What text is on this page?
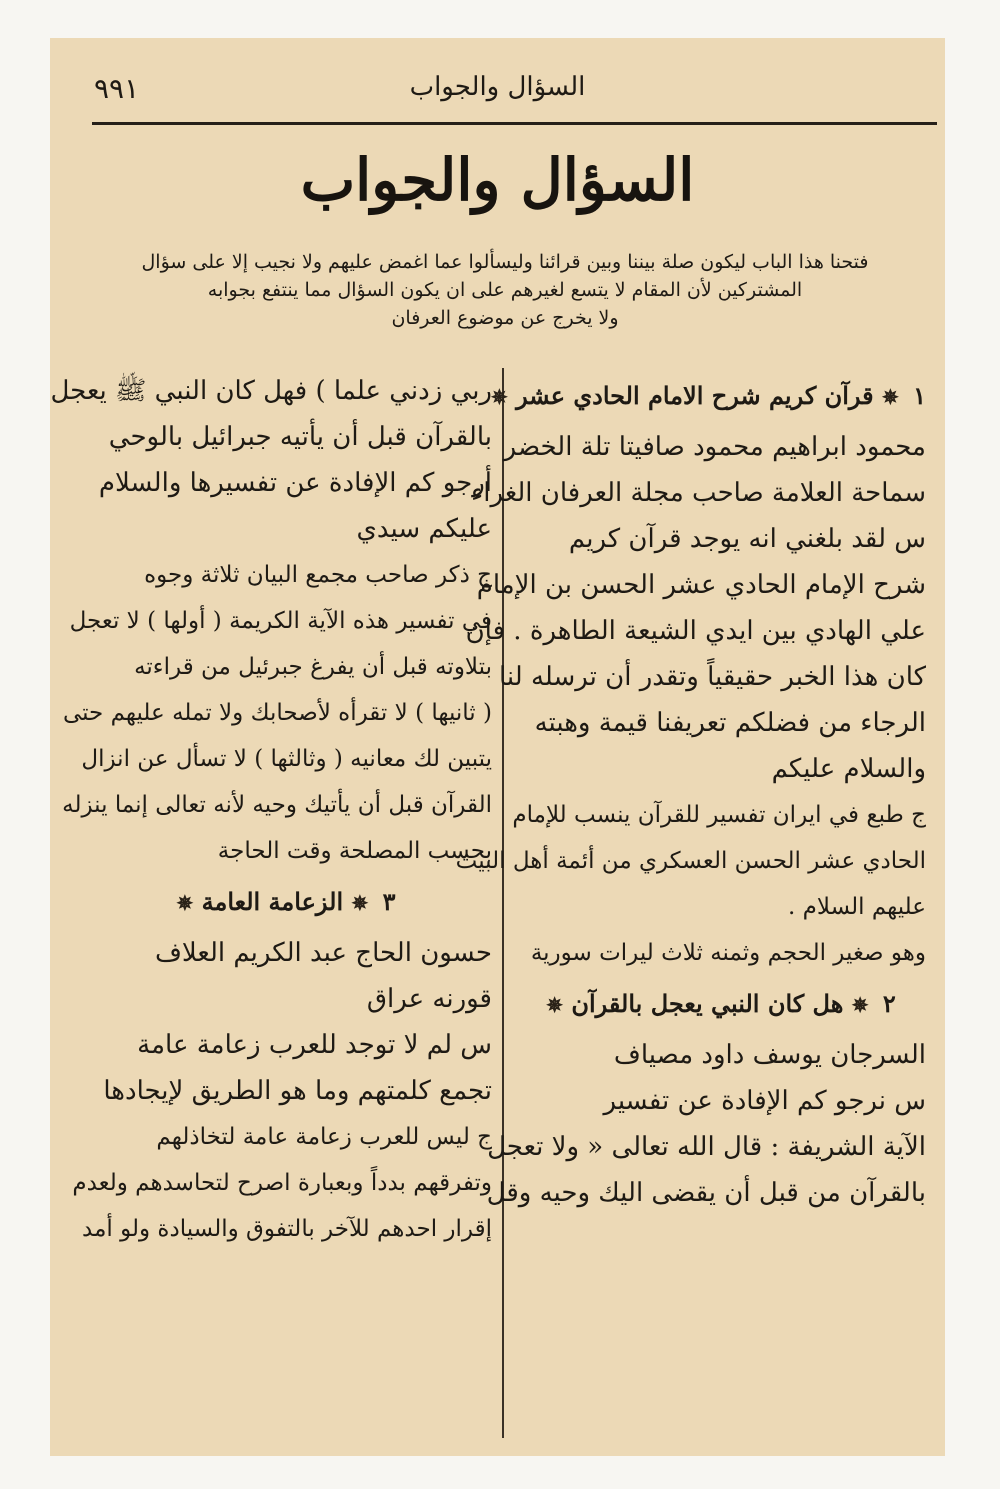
٩٩١	السؤال والجواب
السؤال والجواب

فتحنا هذا الباب ليكون صلة بيننا وبين قرائنا وليسألوا عما اغمض عليهم ولا نجيب إلا على سؤال

المشتركين لأن المقام لا يتسع لغيرهم على ان يكون السؤال مما ينتفع بجوابه

ولا يخرج عن موضوع العرفان

١ ✵ قرآن كريم شرح الامام الحادي عشر ✵
محمود ابراهيم محمود صافيتا تلة الخضر
سماحة العلامة صاحب مجلة العرفان الغراء
س لقد بلغني انه يوجد قرآن كريم
شرح الإمام الحادي عشر الحسن بن الإمام
علي الهادي بين ايدي الشيعة الطاهرة . فإن
كان هذا الخبر حقيقياً وتقدر أن ترسله لنا
الرجاء من فضلكم تعريفنا قيمة وهبته
والسلام عليكم
ج طبع في ايران تفسير للقرآن ينسب للإمام
الحادي عشر الحسن العسكري من أئمة أهل البيت
عليهم السلام .
وهو صغير الحجم وثمنه ثلاث ليرات سورية
٢ ✵ هل كان النبي يعجل بالقرآن ✵
السرجان يوسف داود مصياف
س نرجو كم الإفادة عن تفسير
الآية الشريفة : قال الله تعالى « ولا تعجل
بالقرآن من قبل أن يقضى اليك وحيه وقل
ربي زدني علما ) فهل كان النبي ﷺ يعجل
بالقرآن قبل أن يأتيه جبرائيل بالوحي
أرجو كم الإفادة عن تفسيرها والسلام
عليكم سيدي
ج ذكر صاحب مجمع البيان ثلاثة وجوه
في تفسير هذه الآية الكريمة ( أولها ) لا تعجل
بتلاوته قبل أن يفرغ جبرئيل من قراءته
( ثانيها ) لا تقرأه لأصحابك ولا تمله عليهم حتى
يتبين لك معانيه ( وثالثها ) لا تسأل عن انزال
القرآن قبل أن يأتيك وحيه لأنه تعالى إنما ينزله
بحسب المصلحة وقت الحاجة
٣ ✵ الزعامة العامة ✵
حسون الحاج عبد الكريم العلاف
قورنه عراق
س لم لا توجد للعرب زعامة عامة
تجمع كلمتهم وما هو الطريق لإيجادها
ج ليس للعرب زعامة عامة لتخاذلهم
وتفرقهم بدداً وبعبارة اصرح لتحاسدهم ولعدم
إقرار احدهم للآخر بالتفوق والسيادة ولو أمد
